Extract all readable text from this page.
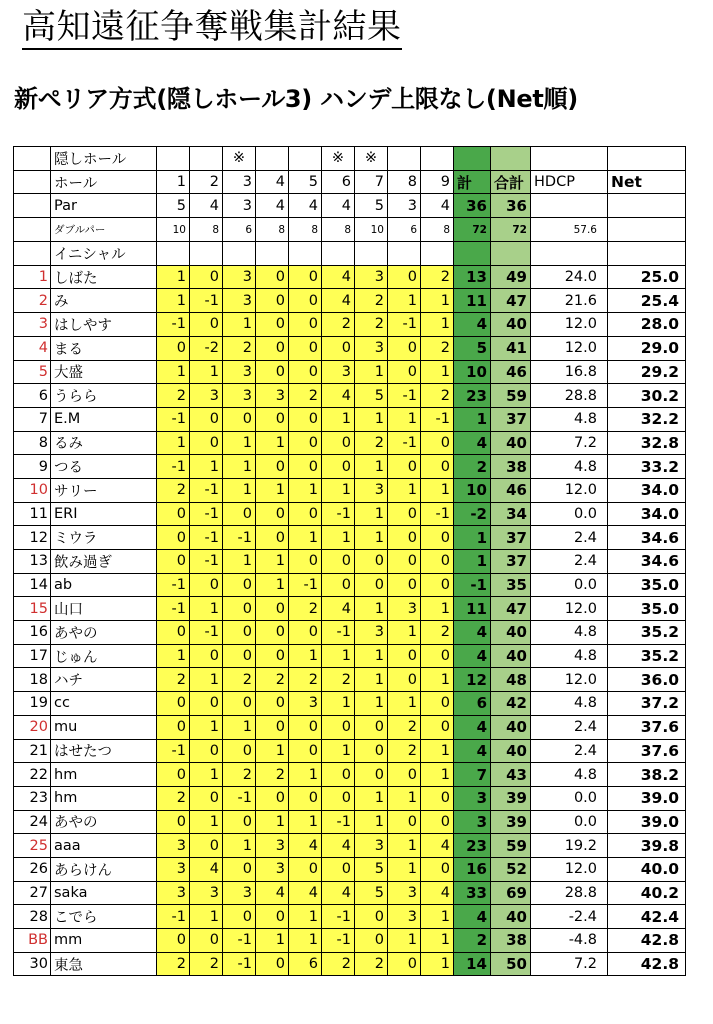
高知遠征争奪戦集計結果
新ペリア方式(隠しホール3) ハンデ上限なし(Net順)
	隠しホール			※			※	※						
	ホール	1	2	3	4	5	6	7	8	9	計	合計	HDCP	Net
	Par	5	4	3	4	4	4	5	3	4	36	36		
	ダブルパー	10	8	6	8	8	8	10	6	8	72	72	57.6	
	イニシャル													
1	しばた	1	0	3	0	0	4	3	0	2	13	49	24.0	25.0
2	み	1	-1	3	0	0	4	2	1	1	11	47	21.6	25.4
3	はしやす	-1	0	1	0	0	2	2	-1	1	4	40	12.0	28.0
4	まる	0	-2	2	0	0	0	3	0	2	5	41	12.0	29.0
5	大盛	1	1	3	0	0	3	1	0	1	10	46	16.8	29.2
6	うらら	2	3	3	3	2	4	5	-1	2	23	59	28.8	30.2
7	E.M	-1	0	0	0	0	1	1	1	-1	1	37	4.8	32.2
8	るみ	1	0	1	1	0	0	2	-1	0	4	40	7.2	32.8
9	つる	-1	1	1	0	0	0	1	0	0	2	38	4.8	33.2
10	サリー	2	-1	1	1	1	1	3	1	1	10	46	12.0	34.0
11	ERI	0	-1	0	0	0	-1	1	0	-1	-2	34	0.0	34.0
12	ミウラ	0	-1	-1	0	1	1	1	0	0	1	37	2.4	34.6
13	飲み過ぎ	0	-1	1	1	0	0	0	0	0	1	37	2.4	34.6
14	ab	-1	0	0	1	-1	0	0	0	0	-1	35	0.0	35.0
15	山口	-1	1	0	0	2	4	1	3	1	11	47	12.0	35.0
16	あやの	0	-1	0	0	0	-1	3	1	2	4	40	4.8	35.2
17	じゅん	1	0	0	0	1	1	1	0	0	4	40	4.8	35.2
18	ハチ	2	1	2	2	2	2	1	0	1	12	48	12.0	36.0
19	cc	0	0	0	0	3	1	1	1	0	6	42	4.8	37.2
20	mu	0	1	1	0	0	0	0	2	0	4	40	2.4	37.6
21	はせたつ	-1	0	0	1	0	1	0	2	1	4	40	2.4	37.6
22	hm	0	1	2	2	1	0	0	0	1	7	43	4.8	38.2
23	hm	2	0	-1	0	0	0	1	1	0	3	39	0.0	39.0
24	あやの	0	1	0	1	1	-1	1	0	0	3	39	0.0	39.0
25	aaa	3	0	1	3	4	4	3	1	4	23	59	19.2	39.8
26	あらけん	3	4	0	3	0	0	5	1	0	16	52	12.0	40.0
27	saka	3	3	3	4	4	4	5	3	4	33	69	28.8	40.2
28	こでら	-1	1	0	0	1	-1	0	3	1	4	40	-2.4	42.4
BB	mm	0	0	-1	1	1	-1	0	1	1	2	38	-4.8	42.8
30	東急	2	2	-1	0	6	2	2	0	1	14	50	7.2	42.8
